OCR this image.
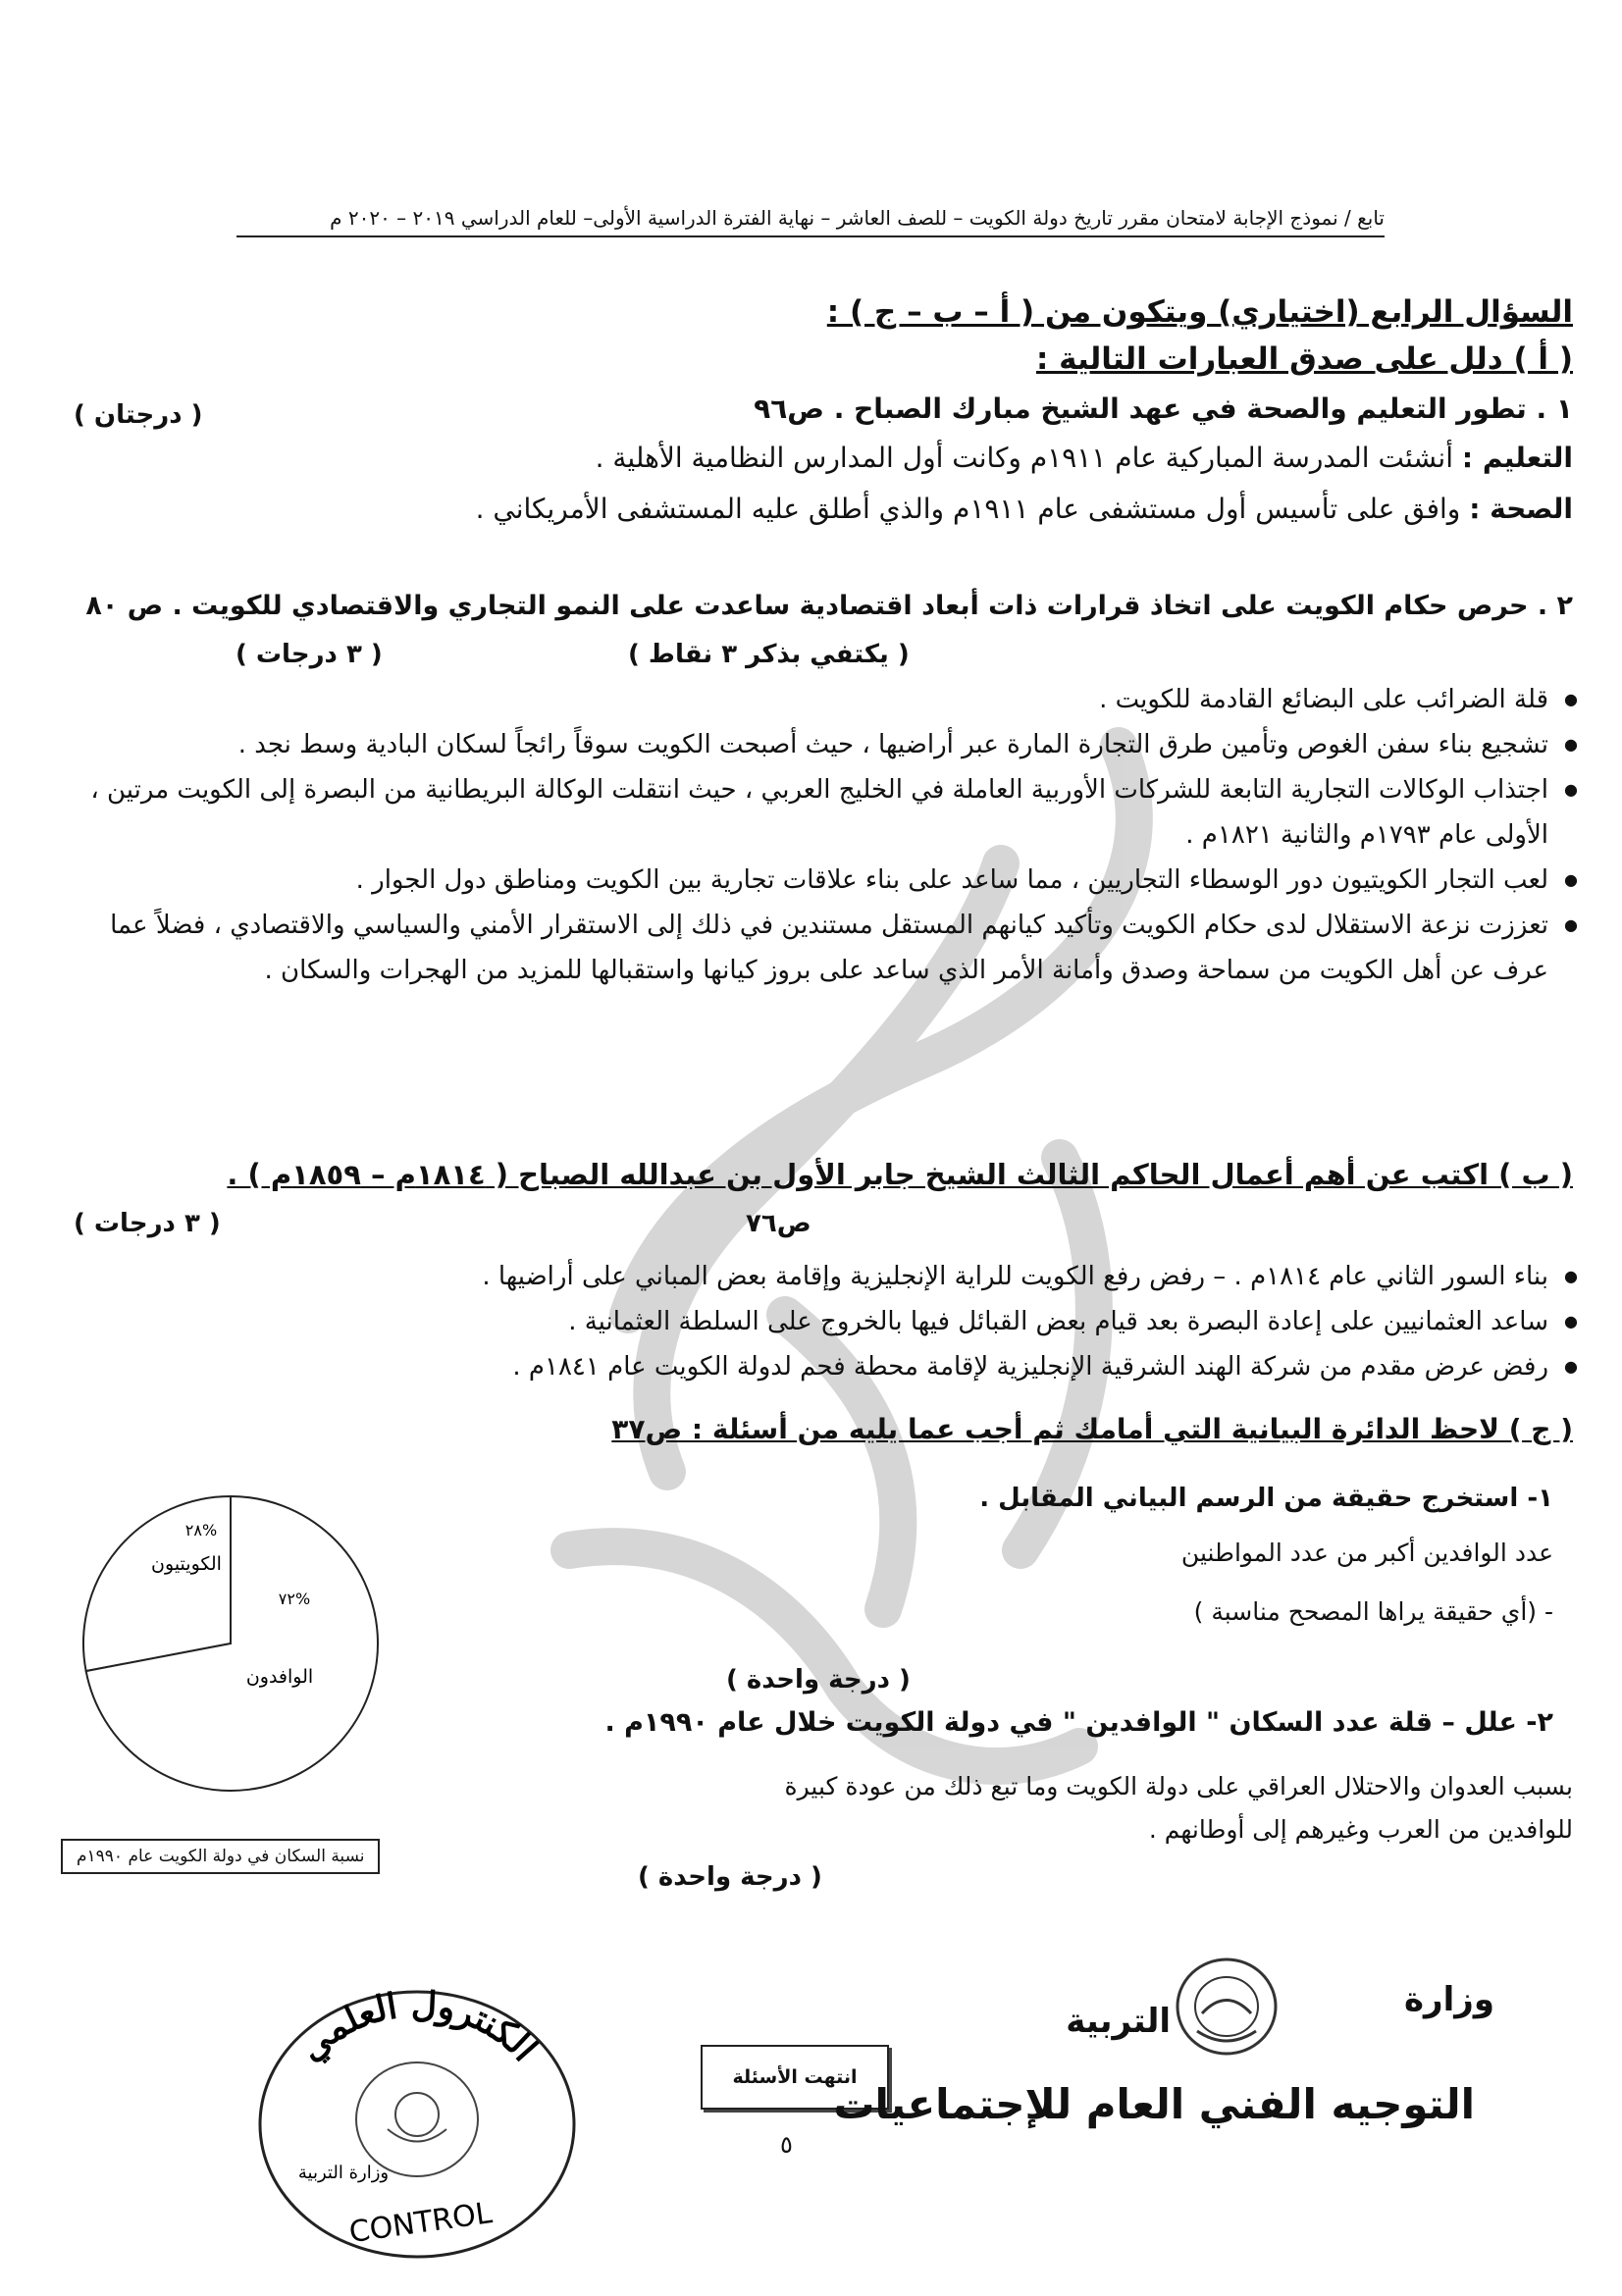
تابع / نموذج الإجابة لامتحان مقرر تاريخ دولة الكويت – للصف العاشر – نهاية الفترة الدراسية الأولى– للعام الدراسي ٢٠١٩ – ٢٠٢٠ م
السؤال الرابع (اختياري) ويتكون من ( أ – ب – ج ) :
( أ ) دلل على صدق العبارات التالية :
١ . تطور التعليم والصحة في عهد الشيخ مبارك الصباح . ص٩٦
( درجتان )
التعليم : أنشئت المدرسة المباركية عام ١٩١١م وكانت أول المدارس النظامية الأهلية .
الصحة : وافق على تأسيس أول مستشفى عام ١٩١١م والذي أطلق عليه المستشفى الأمريكاني .
٢ . حرص حكام الكويت على اتخاذ قرارات ذات أبعاد اقتصادية ساعدت على النمو التجاري والاقتصادي للكويت . ص ٨٠
( يكتفي بذكر ٣ نقاط )
( ٣ درجات )
● قلة الضرائب على البضائع القادمة للكويت .
● تشجيع بناء سفن الغوص وتأمين طرق التجارة المارة عبر أراضيها ، حيث أصبحت الكويت سوقاً رائجاً لسكان البادية وسط نجد .
● اجتذاب الوكالات التجارية التابعة للشركات الأوربية العاملة في الخليج العربي ، حيث انتقلت الوكالة البريطانية من البصرة إلى الكويت مرتين ، الأولى عام ١٧٩٣م والثانية ١٨٢١م .
● لعب التجار الكويتيون دور الوسطاء التجاريين ، مما ساعد على بناء علاقات تجارية بين الكويت ومناطق دول الجوار .
● تعززت نزعة الاستقلال لدى حكام الكويت وتأكيد كيانهم المستقل مستندين في ذلك إلى الاستقرار الأمني والسياسي والاقتصادي ، فضلاً عما عرف عن أهل الكويت من سماحة وصدق وأمانة الأمر الذي ساعد على بروز كيانها واستقبالها للمزيد من الهجرات والسكان .
( ب ) اكتب عن أهم أعمال الحاكم الثالث الشيخ جابر الأول بن عبدالله الصباح ( ١٨١٤م – ١٨٥٩م ) .
ص٧٦
( ٣ درجات )
● بناء السور الثاني عام ١٨١٤م . – رفض رفع الكويت للراية الإنجليزية وإقامة بعض المباني على أراضيها .
● ساعد العثمانيين على إعادة البصرة بعد قيام بعض القبائل فيها بالخروج على السلطة العثمانية .
● رفض عرض مقدم من شركة الهند الشرقية الإنجليزية لإقامة محطة فحم لدولة الكويت عام ١٨٤١م .
( ج ) لاحظ الدائرة البيانية التي أمامك ثم أجب عما يليه من أسئلة : ص٣٧
١- استخرج حقيقة من الرسم البياني المقابل .
عدد الوافدين أكبر من عدد المواطنين
- (أي حقيقة يراها المصحح مناسبة )
( درجة واحدة )
٢- علل – قلة عدد السكان " الوافدين " في دولة الكويت خلال عام ١٩٩٠م .
بسبب العدوان والاحتلال العراقي على دولة الكويت وما تبع ذلك من عودة كبيرة
للوافدين من العرب وغيرهم إلى أوطانهم .
( درجة واحدة )
%٢٨
الكويتيون
%٧٢
الوافدون
نسبة السكان في دولة الكويت عام ١٩٩٠م
الكنترول العلمي
وزارة التربية
CONTROL
انتهت الأسئلة
٥
وزارة
التربية
التوجيه الفني العام للإجتماعيات
